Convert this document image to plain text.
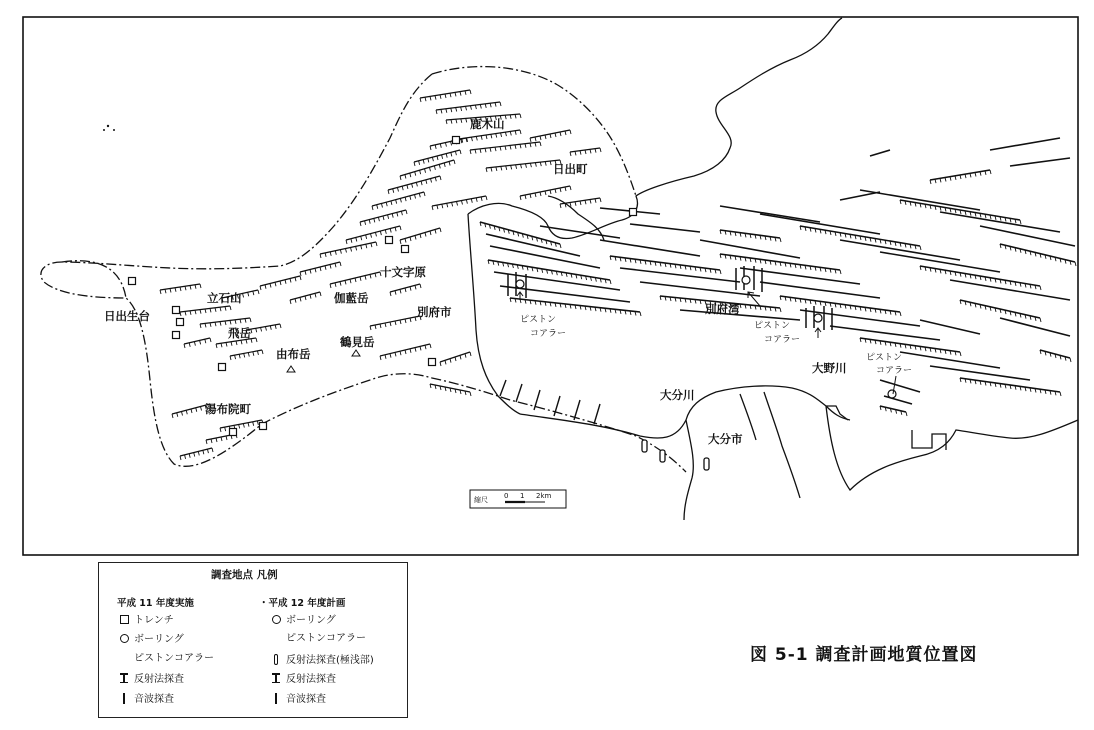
鹿木山
日出町
十文字原
立石山	伽藍岳
別府市
日出生台
飛岳
由布岳
鶴見岳
湯布院町
別府湾
大分川
大分市
大野川
ピストン
コアラー
ピストン
コアラー
ピストン
コアラー
縮尺 0 1 2km
調査地点 凡例
平成 11 年度実施	・平成 12 年度計画
トレンチ
ボーリング
ピストンコアラー
反射法探査
音波探査
ボーリング
ピストンコアラー
反射法探査(極浅部)
反射法探査
音波探査
図 5-1 調査計画地質位置図
